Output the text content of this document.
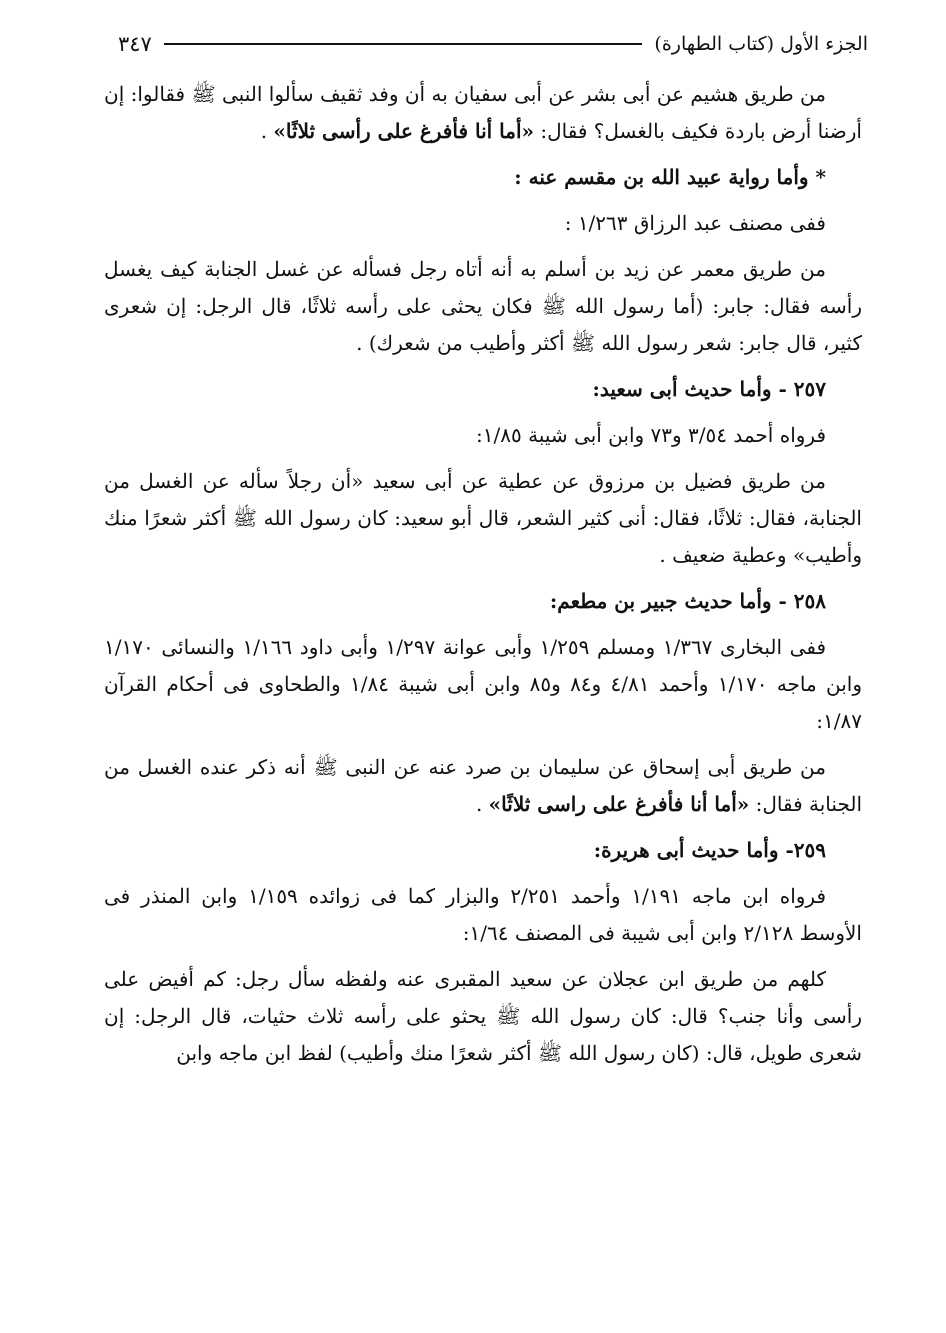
الجزء الأول (كتاب الطهارة)
٣٤٧

من طريق هشيم عن أبى بشر عن أبى سفيان به أن وفد ثقيف سألوا النبى ﷺ فقالوا: إن أرضنا أرض باردة فكيف بالغسل؟ فقال: «أما أنا فأفرغ على رأسى ثلاثًا» .

* وأما رواية عبيد الله بن مقسم عنه :

ففى مصنف عبد الرزاق ١/٢٦٣ :

من طريق معمر عن زيد بن أسلم به أنه أتاه رجل فسأله عن غسل الجنابة كيف يغسل رأسه فقال: جابر: (أما رسول الله ﷺ فكان يحثى على رأسه ثلاثًا، قال الرجل: إن شعرى كثير، قال جابر: شعر رسول الله ﷺ أكثر وأطيب من شعرك) .

٢٥٧ - وأما حديث أبى سعيد:

فرواه أحمد ٣/٥٤ و٧٣ وابن أبى شيبة ١/٨٥:

من طريق فضيل بن مرزوق عن عطية عن أبى سعيد «أن رجلاً سأله عن الغسل من الجنابة، فقال: ثلاثًا، فقال: أنى كثير الشعر، قال أبو سعيد: كان رسول الله ﷺ أكثر شعرًا منك وأطيب» وعطية ضعيف .

٢٥٨ - وأما حديث جبير بن مطعم:

ففى البخارى ١/٣٦٧ ومسلم ١/٢٥٩ وأبى عوانة ١/٢٩٧ وأبى داود ١/١٦٦ والنسائى ١/١٧٠ وابن ماجه ١/١٧٠ وأحمد ٤/٨١ و٨٤ و٨٥ وابن أبى شيبة ١/٨٤ والطحاوى فى أحكام القرآن ١/٨٧:

من طريق أبى إسحاق عن سليمان بن صرد عنه عن النبى ﷺ أنه ذكر عنده الغسل من الجنابة فقال: «أما أنا فأفرغ على راسى ثلاثًا» .

٢٥٩- وأما حديث أبى هريرة:

فرواه ابن ماجه ١/١٩١ وأحمد ٢/٢٥١ والبزار كما فى زوائده ١/١٥٩ وابن المنذر فى الأوسط ٢/١٢٨ وابن أبى شيبة فى المصنف ١/٦٤:

كلهم من طريق ابن عجلان عن سعيد المقبرى عنه ولفظه سأل رجل: كم أفيض على رأسى وأنا جنب؟ قال: كان رسول الله ﷺ يحثو على رأسه ثلاث حثيات، قال الرجل: إن شعرى طويل، قال: (كان رسول الله ﷺ أكثر شعرًا منك وأطيب) لفظ ابن ماجه وابن
